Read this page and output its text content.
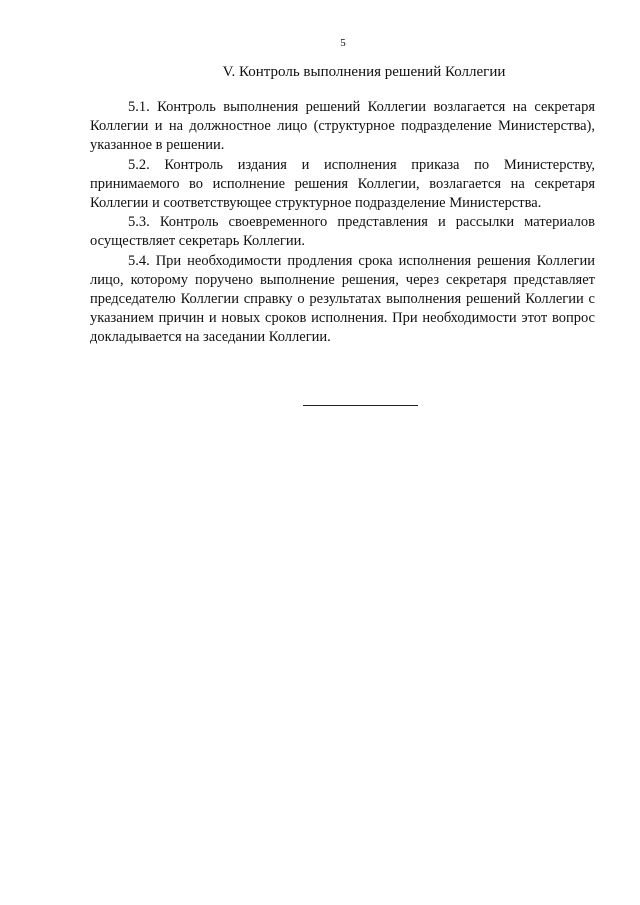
5
V. Контроль выполнения решений Коллегии

5.1. Контроль выполнения решений Коллегии возлагается на секретаря Коллегии и на должностное лицо (структурное подразделение Министерства), указанное в решении.

5.2. Контроль издания и исполнения приказа по Министерству, принимаемого во исполнение решения Коллегии, возлагается на секретаря Коллегии и соответствующее структурное подразделение Министерства.

5.3. Контроль своевременного представления и рассылки материалов осуществляет секретарь Коллегии.

5.4. При необходимости продления срока исполнения решения Коллегии лицо, которому поручено выполнение решения, через секретаря представляет председателю Коллегии справку о результатах выполнения решений Коллегии с указанием причин и новых сроков исполнения. При необходимости этот вопрос докладывается на заседании Коллегии.
